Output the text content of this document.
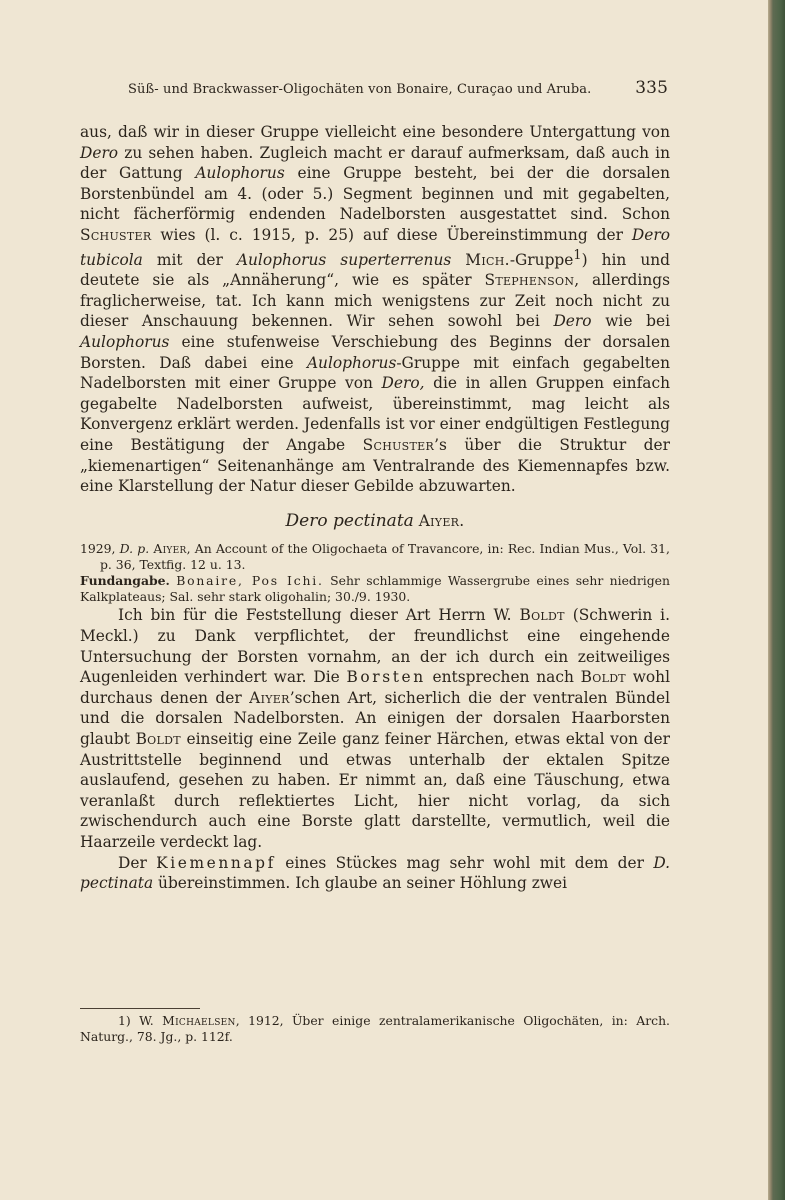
Süß- und Brackwasser-Oligochäten von Bonaire, Curaçao und Aruba.	335

aus, daß wir in dieser Gruppe vielleicht eine besondere Untergattung von Dero zu sehen haben. Zugleich macht er darauf aufmerksam, daß auch in der Gattung Aulophorus eine Gruppe besteht, bei der die dorsalen Borstenbündel am 4. (oder 5.) Segment beginnen und mit gegabelten, nicht fächerförmig endenden Nadelborsten ausgestattet sind. Schon Schuster wies (l. c. 1915, p. 25) auf diese Übereinstimmung der Dero tubicola mit der Aulophorus superterrenus Mich.-Gruppe$^1$) hin und deutete sie als „Annäherung“, wie es später Stephenson, allerdings fraglicherweise, tat. Ich kann mich wenigstens zur Zeit noch nicht zu dieser Anschauung bekennen. Wir sehen sowohl bei Dero wie bei Aulophorus eine stufenweise Verschiebung des Beginns der dorsalen Borsten. Daß dabei eine Aulophorus-Gruppe mit einfach gegabelten Nadelborsten mit einer Gruppe von Dero, die in allen Gruppen einfach gegabelte Nadelborsten aufweist, übereinstimmt, mag leicht als Konvergenz erklärt werden. Jedenfalls ist vor einer endgültigen Festlegung eine Bestätigung der Angabe Schuster’s über die Struktur der „kiemenartigen“ Seitenanhänge am Ventralrande des Kiemennapfes bzw. eine Klarstellung der Natur dieser Gebilde abzuwarten.

Dero pectinata Aiyer.

1929, D. p. Aiyer, An Account of the Oligochaeta of Travancore, in: Rec. Indian Mus., Vol. 31, p. 36, Textfig. 12 u. 13.

Fundangabe. Bonaire, Pos Ichi. Sehr schlammige Wassergrube eines sehr niedrigen Kalkplateaus; Sal. sehr stark oligohalin; 30./9. 1930.

Ich bin für die Feststellung dieser Art Herrn W. Boldt (Schwerin i. Meckl.) zu Dank verpflichtet, der freundlichst eine eingehende Untersuchung der Borsten vornahm, an der ich durch ein zeitweiliges Augenleiden verhindert war. Die Borsten entsprechen nach Boldt wohl durchaus denen der Aiyer’schen Art, sicherlich die der ventralen Bündel und die dorsalen Nadelborsten. An einigen der dorsalen Haarborsten glaubt Boldt einseitig eine Zeile ganz feiner Härchen, etwas ektal von der Austrittstelle beginnend und etwas unterhalb der ektalen Spitze auslaufend, gesehen zu haben. Er nimmt an, daß eine Täuschung, etwa veranlaßt durch reflektiertes Licht, hier nicht vorlag, da sich zwischendurch auch eine Borste glatt darstellte, vermutlich, weil die Haarzeile verdeckt lag.

Der Kiemennapf eines Stückes mag sehr wohl mit dem der D. pectinata übereinstimmen. Ich glaube an seiner Höhlung zwei

1) W. Michaelsen, 1912, Über einige zentralamerikanische Oligochäten, in: Arch. Naturg., 78. Jg., p. 112f.
